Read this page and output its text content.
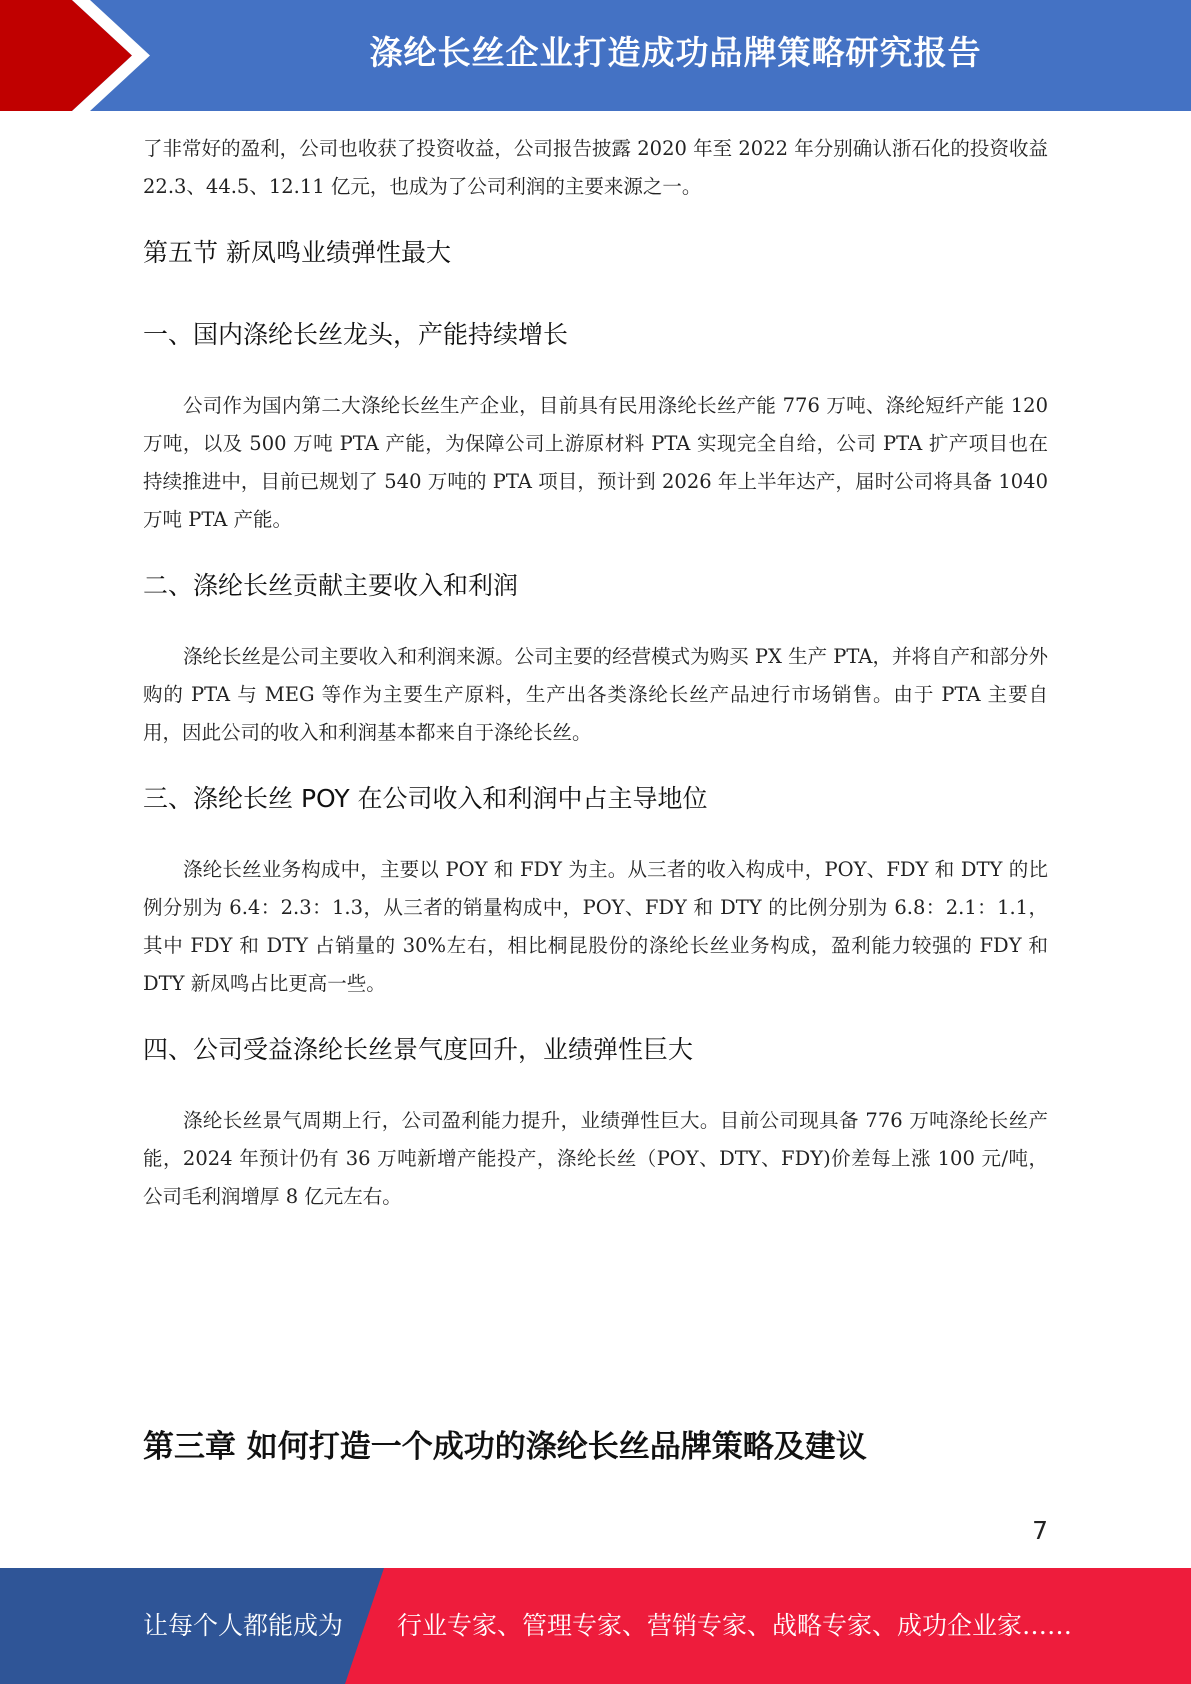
涤纶长丝企业打造成功品牌策略研究报告

了非常好的盈利，公司也收获了投资收益，公司报告披露 2020 年至 2022 年分别确认浙石化的投资收益 22.3、44.5、12.11 亿元，也成为了公司利润的主要来源之一。

第五节 新凤鸣业绩弹性最大
一、国内涤纶长丝龙头，产能持续增长

公司作为国内第二大涤纶长丝生产企业，目前具有民用涤纶长丝产能 776 万吨、涤纶短纤产能 120 万吨，以及 500 万吨 PTA 产能，为保障公司上游原材料 PTA 实现完全自给，公司 PTA 扩产项目也在持续推进中，目前已规划了 540 万吨的 PTA 项目，预计到 2026 年上半年达产，届时公司将具备 1040 万吨 PTA 产能。

二、涤纶长丝贡献主要收入和利润

涤纶长丝是公司主要收入和利润来源。公司主要的经营模式为购买 PX 生产 PTA，并将自产和部分外购的 PTA 与 MEG 等作为主要生产原料，生产出各类涤纶长丝产品迚行市场销售。由于 PTA 主要自用，因此公司的收入和利润基本都来自于涤纶长丝。

三、涤纶长丝 POY 在公司收入和利润中占主导地位

涤纶长丝业务构成中，主要以 POY 和 FDY 为主。从三者的收入构成中，POY、FDY 和 DTY 的比例分别为 6.4：2.3：1.3，从三者的销量构成中，POY、FDY 和 DTY 的比例分别为 6.8：2.1：1.1，其中 FDY 和 DTY 占销量的 30%左右，相比桐昆股份的涤纶长丝业务构成，盈利能力较强的 FDY 和 DTY 新凤鸣占比更高一些。

四、公司受益涤纶长丝景气度回升，业绩弹性巨大

涤纶长丝景气周期上行，公司盈利能力提升，业绩弹性巨大。目前公司现具备 776 万吨涤纶长丝产能，2024 年预计仍有 36 万吨新增产能投产，涤纶长丝（POY、DTY、FDY)价差每上涨 100 元/吨，公司毛利润增厚 8 亿元左右。

第三章 如何打造一个成功的涤纶长丝品牌策略及建议
7
让每个人都能成为 行业专家、管理专家、营销专家、战略专家、成功企业家……
